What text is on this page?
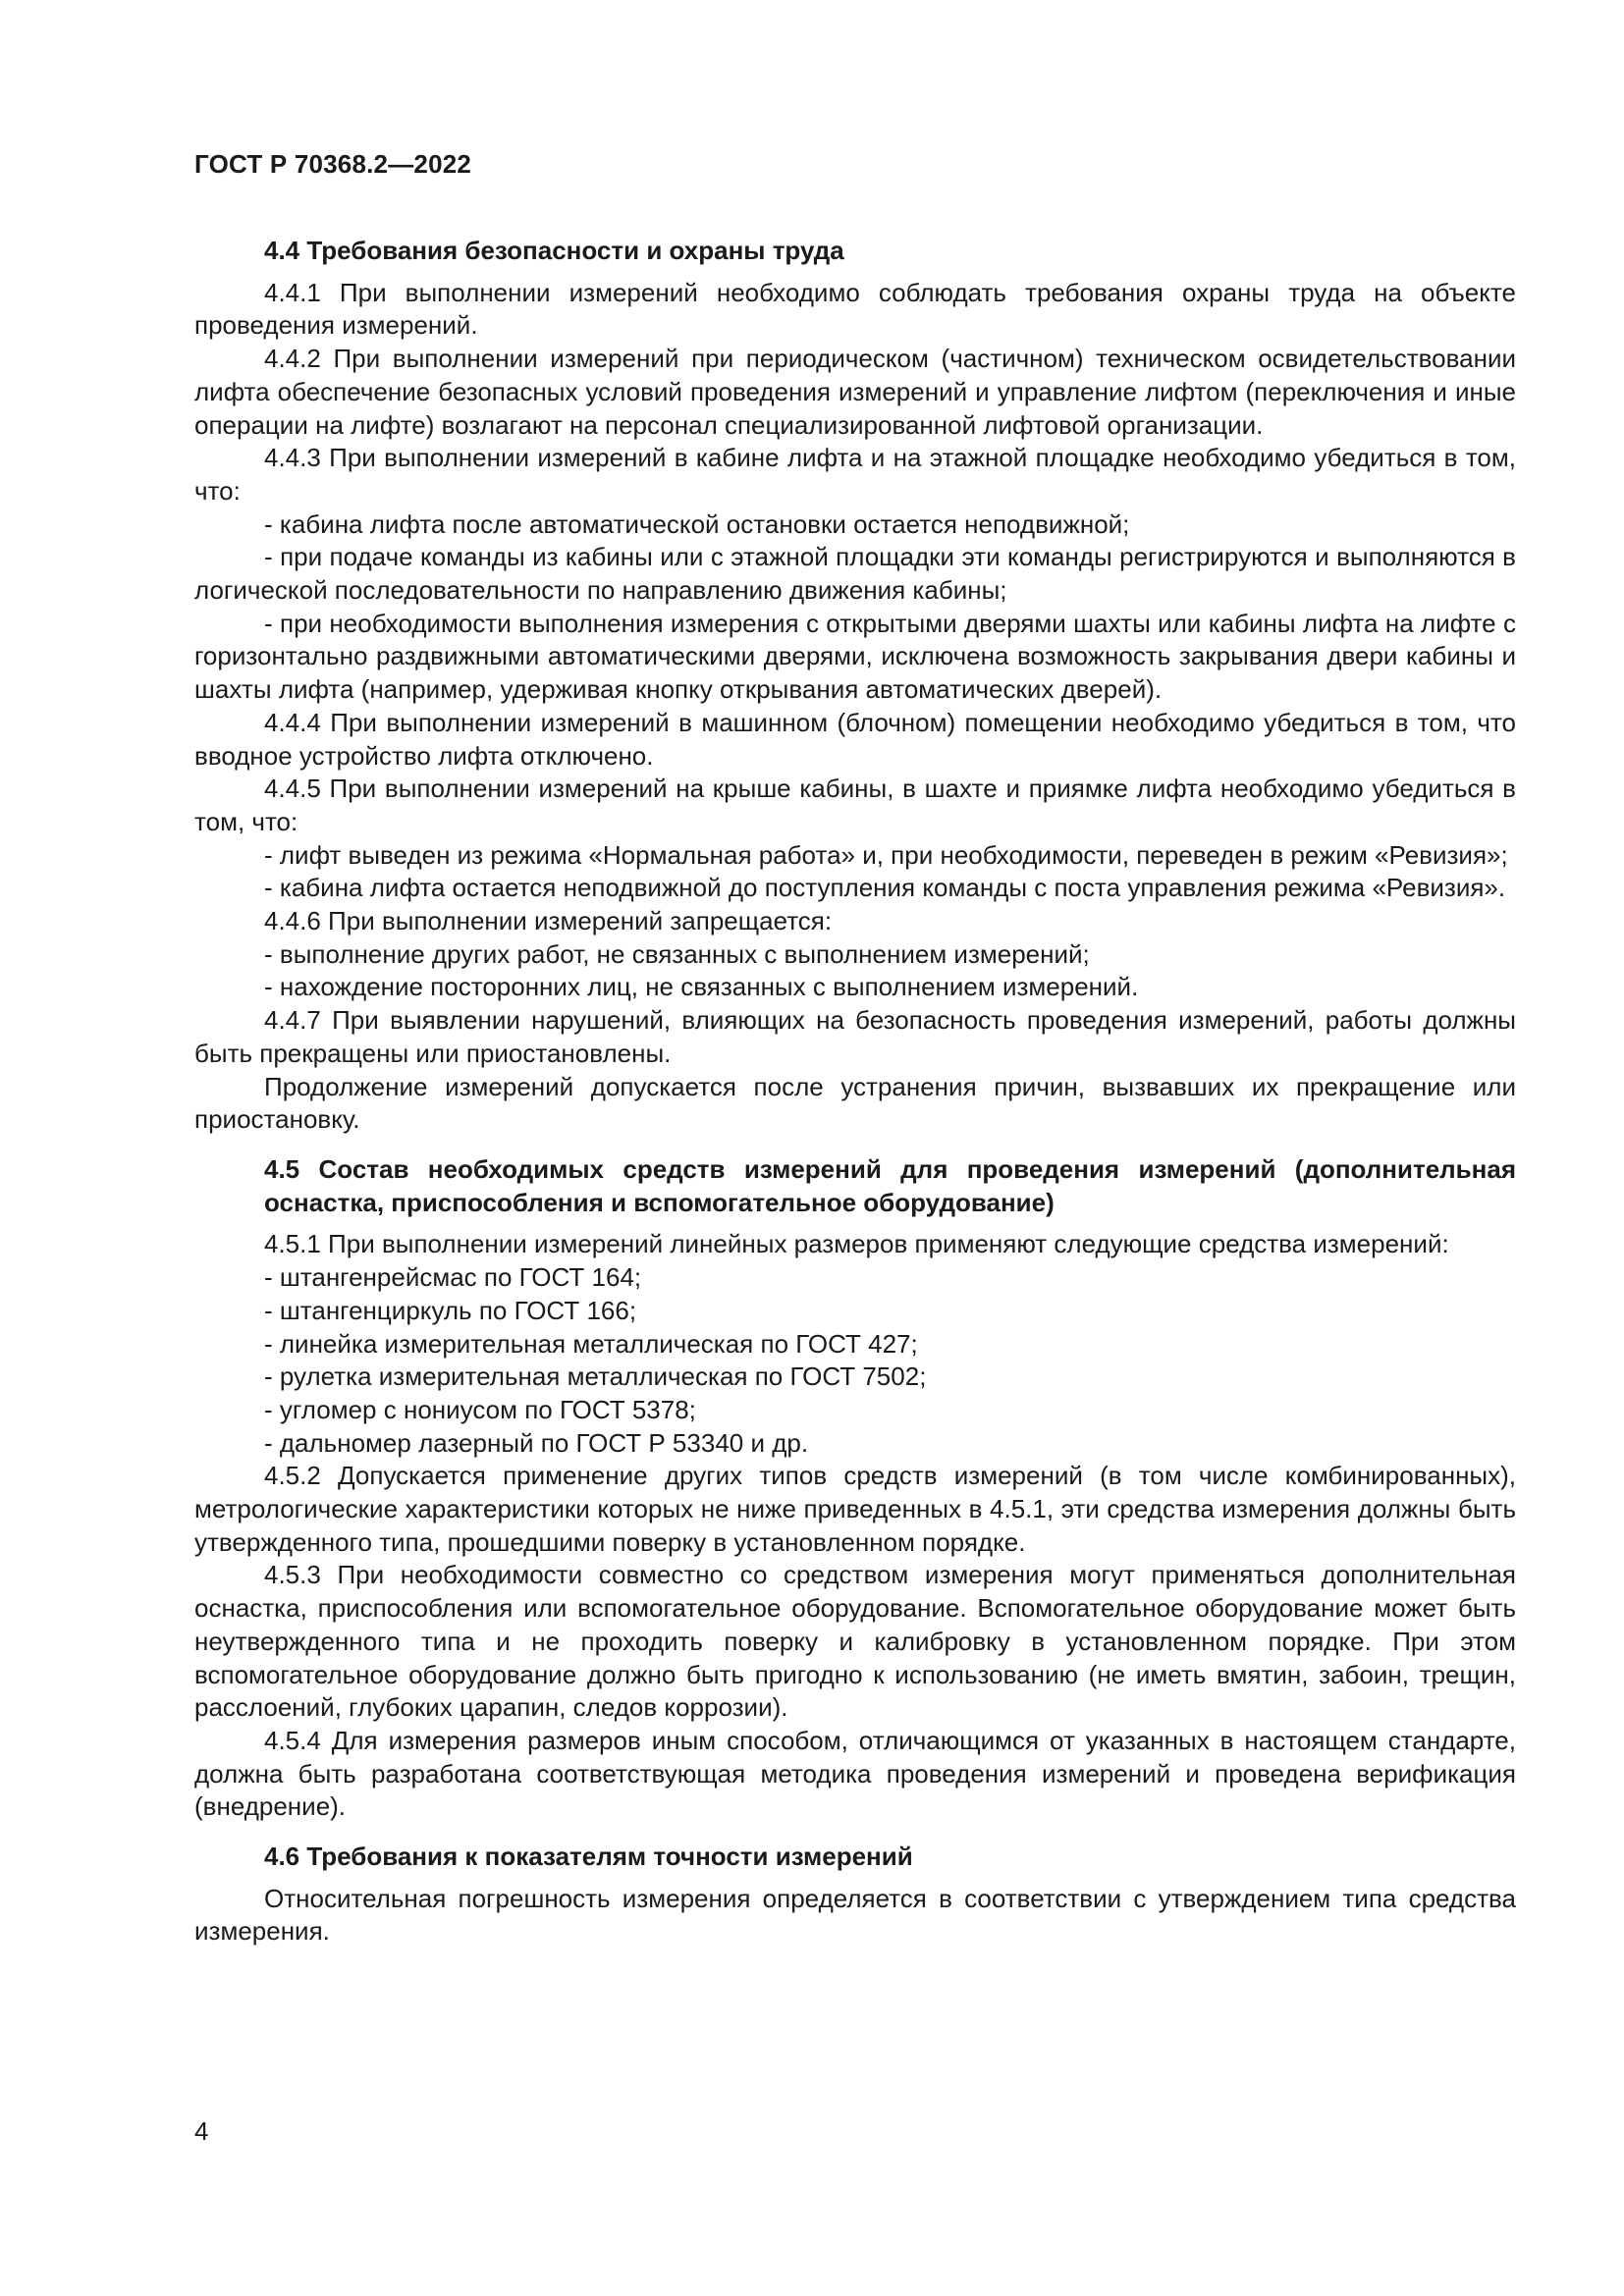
ГОСТ Р 70368.2—2022

4.4 Требования безопасности и охраны труда

4.4.1 При выполнении измерений необходимо соблюдать требования охраны труда на объекте проведения измерений.

4.4.2 При выполнении измерений при периодическом (частичном) техническом освидетельствовании лифта обеспечение безопасных условий проведения измерений и управление лифтом (переключения и иные операции на лифте) возлагают на персонал специализированной лифтовой организации.

4.4.3 При выполнении измерений в кабине лифта и на этажной площадке необходимо убедиться в том, что:

- кабина лифта после автоматической остановки остается неподвижной;

- при подаче команды из кабины или с этажной площадки эти команды регистрируются и выполняются в логической последовательности по направлению движения кабины;

- при необходимости выполнения измерения с открытыми дверями шахты или кабины лифта на лифте с горизонтально раздвижными автоматическими дверями, исключена возможность закрывания двери кабины и шахты лифта (например, удерживая кнопку открывания автоматических дверей).

4.4.4 При выполнении измерений в машинном (блочном) помещении необходимо убедиться в том, что вводное устройство лифта отключено.

4.4.5 При выполнении измерений на крыше кабины, в шахте и приямке лифта необходимо убедиться в том, что:

- лифт выведен из режима «Нормальная работа» и, при необходимости, переведен в режим «Ревизия»;

- кабина лифта остается неподвижной до поступления команды с поста управления режима «Ревизия».

4.4.6 При выполнении измерений запрещается:

- выполнение других работ, не связанных с выполнением измерений;

- нахождение посторонних лиц, не связанных с выполнением измерений.

4.4.7 При выявлении нарушений, влияющих на безопасность проведения измерений, работы должны быть прекращены или приостановлены.

Продолжение измерений допускается после устранения причин, вызвавших их прекращение или приостановку.

4.5 Состав необходимых средств измерений для проведения измерений (дополнительная оснастка, приспособления и вспомогательное оборудование)

4.5.1 При выполнении измерений линейных размеров применяют следующие средства измерений:

- штангенрейсмас по ГОСТ 164;

- штангенциркуль по ГОСТ 166;

- линейка измерительная металлическая по ГОСТ 427;

- рулетка измерительная металлическая по ГОСТ 7502;

- угломер с нониусом по ГОСТ 5378;

- дальномер лазерный по ГОСТ Р 53340 и др.

4.5.2 Допускается применение других типов средств измерений (в том числе комбинированных), метрологические характеристики которых не ниже приведенных в 4.5.1, эти средства измерения должны быть утвержденного типа, прошедшими поверку в установленном порядке.

4.5.3 При необходимости совместно со средством измерения могут применяться дополнительная оснастка, приспособления или вспомогательное оборудование. Вспомогательное оборудование может быть неутвержденного типа и не проходить поверку и калибровку в установленном порядке. При этом вспомогательное оборудование должно быть пригодно к использованию (не иметь вмятин, забоин, трещин, расслоений, глубоких царапин, следов коррозии).

4.5.4 Для измерения размеров иным способом, отличающимся от указанных в настоящем стандарте, должна быть разработана соответствующая методика проведения измерений и проведена верификация (внедрение).

4.6 Требования к показателям точности измерений

Относительная погрешность измерения определяется в соответствии с утверждением типа средства измерения.

4
